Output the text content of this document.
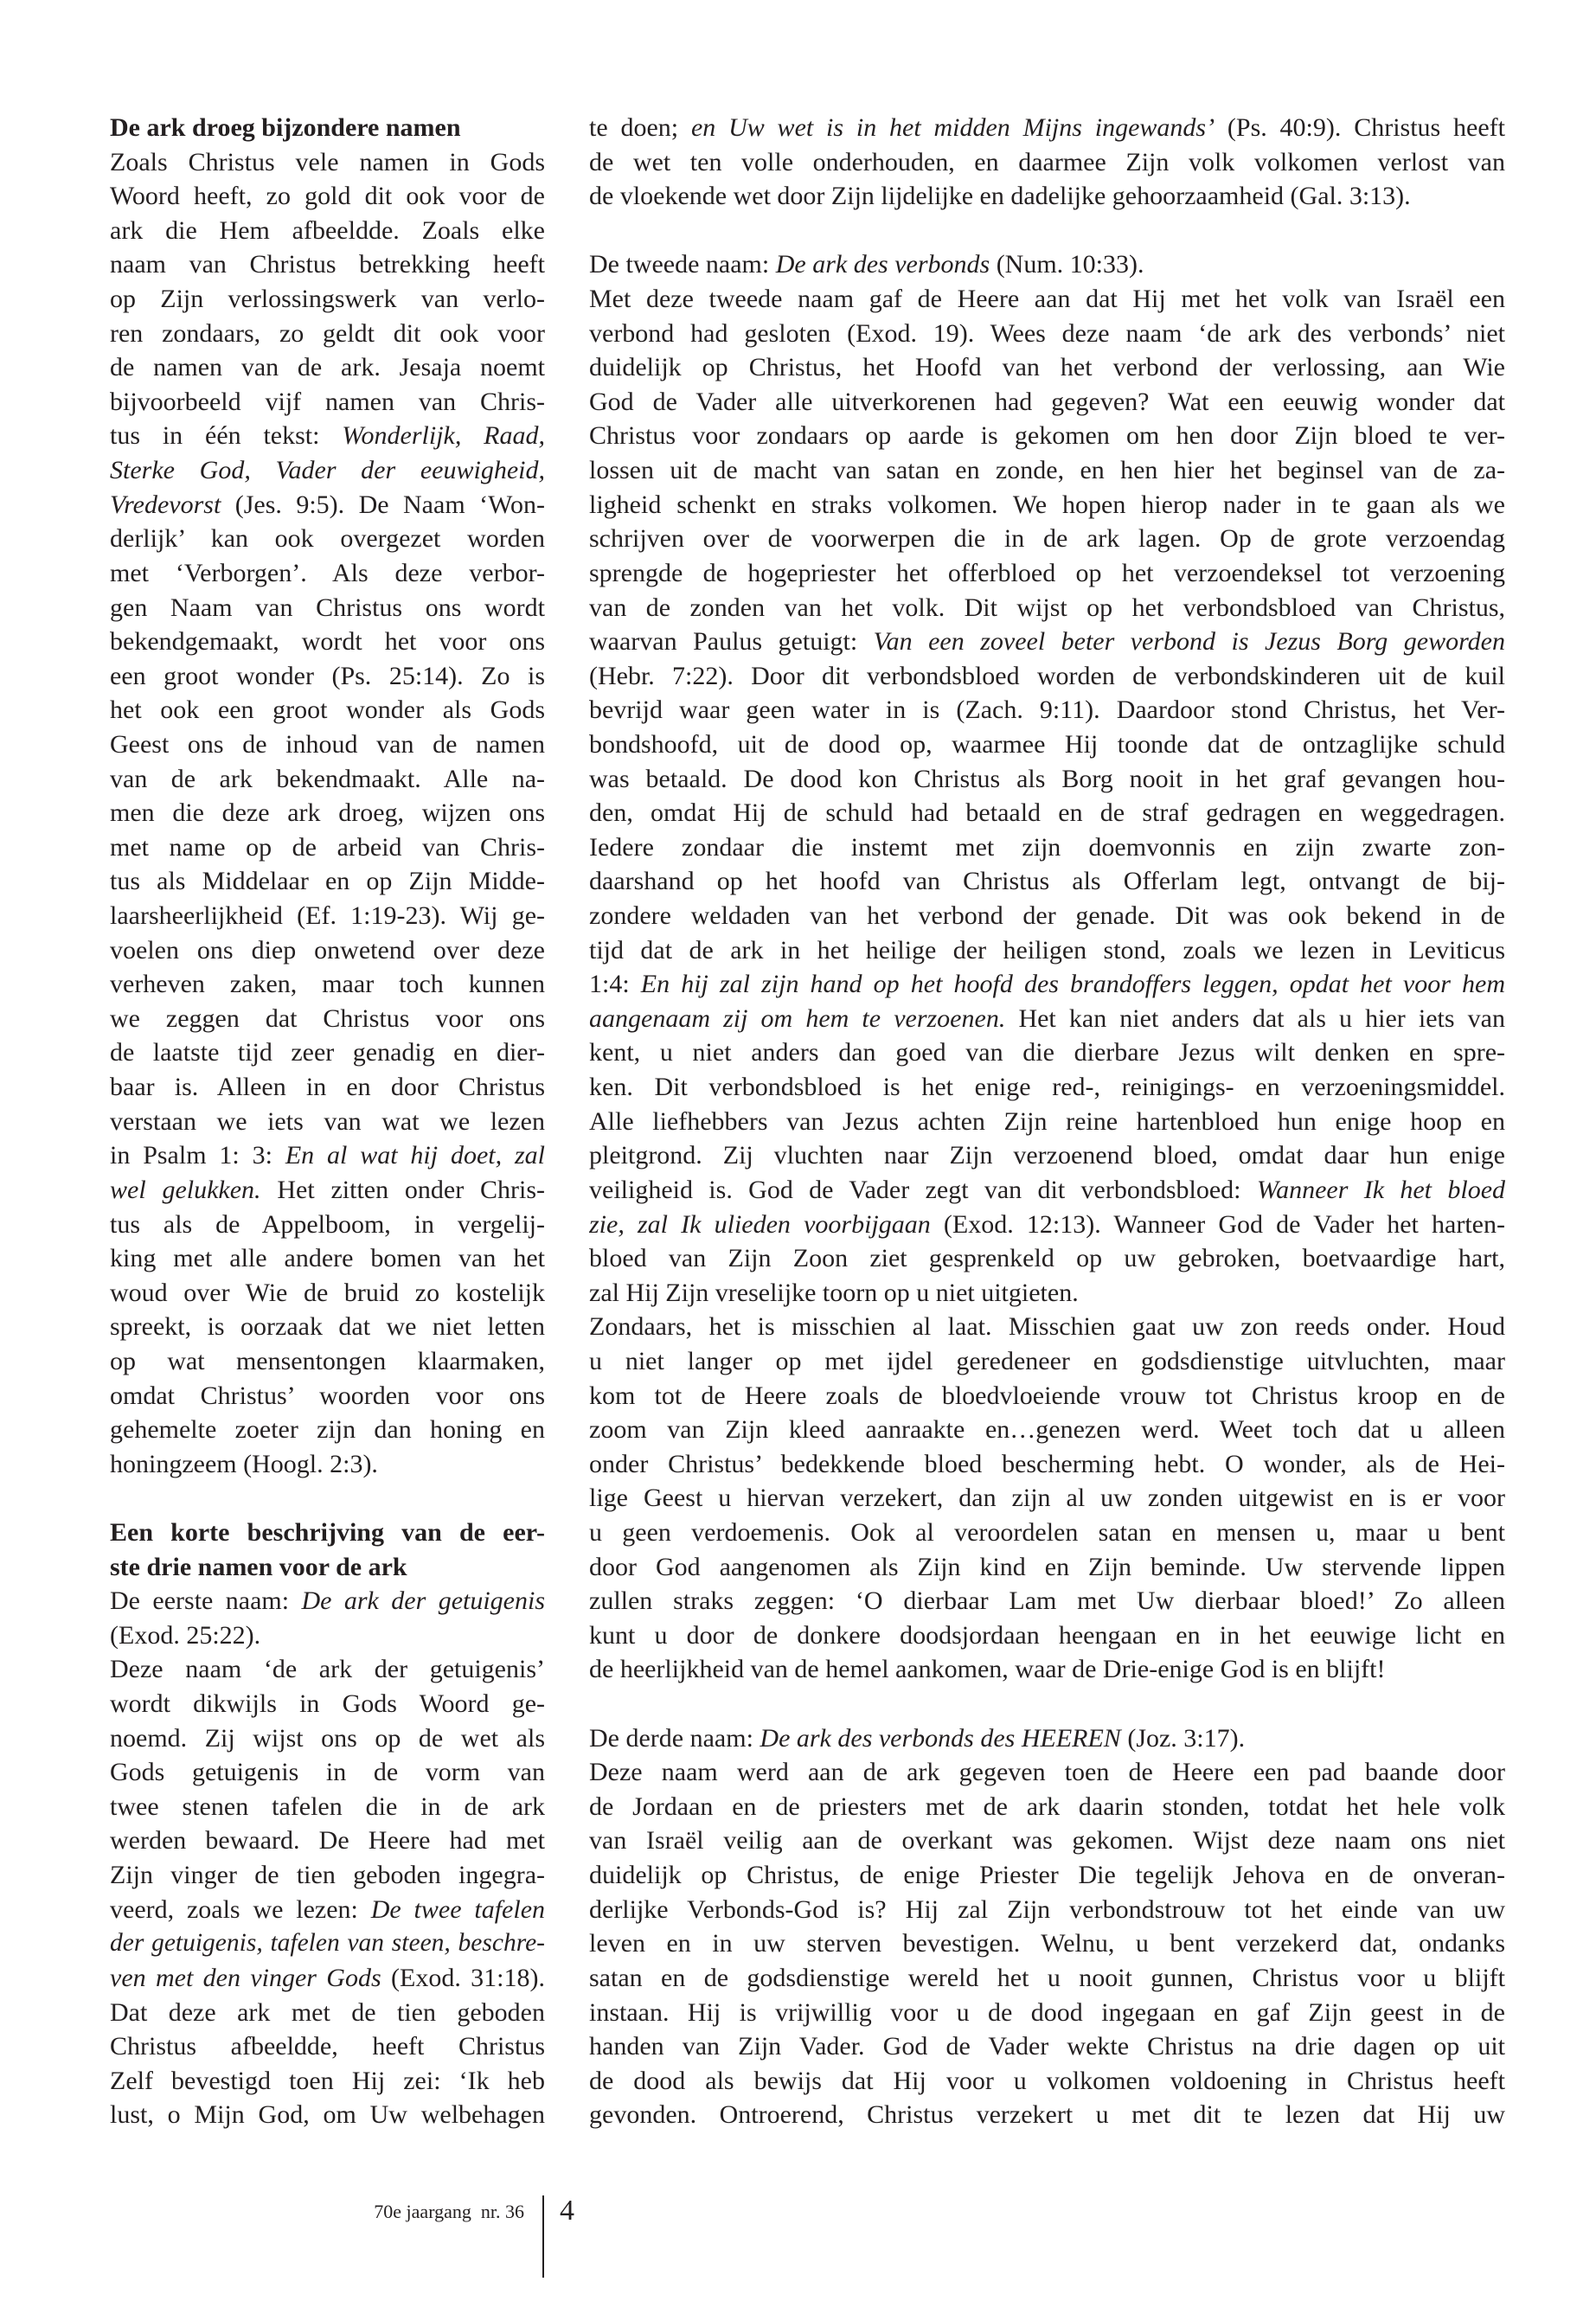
De ark droeg bijzondere namen
Zoals Christus vele namen in Gods
Woord heeft, zo gold dit ook voor de
ark die Hem afbeeldde. Zoals elke
naam van Christus betrekking heeft
op Zijn verlossingswerk van verlo-
ren zondaars, zo geldt dit ook voor
de namen van de ark. Jesaja noemt
bijvoorbeeld vijf namen van Chris-
tus in één tekst: Wonderlijk, Raad,
Sterke God, Vader der eeuwigheid,
Vredevorst (Jes. 9:5). De Naam ‘Won-
derlijk’ kan ook overgezet worden
met ‘Verborgen’. Als deze verbor-
gen Naam van Christus ons wordt
bekendgemaakt, wordt het voor ons
een groot wonder (Ps. 25:14). Zo is
het ook een groot wonder als Gods
Geest ons de inhoud van de namen
van de ark bekendmaakt. Alle na-
men die deze ark droeg, wijzen ons
met name op de arbeid van Chris-
tus als Middelaar en op Zijn Midde-
laarsheerlijkheid (Ef. 1:19-23). Wij ge-
voelen ons diep onwetend over deze
verheven zaken, maar toch kunnen
we zeggen dat Christus voor ons
de laatste tijd zeer genadig en dier-
baar is. Alleen in en door Christus
verstaan we iets van wat we lezen
in Psalm 1: 3: En al wat hij doet, zal
wel gelukken. Het zitten onder Chris-
tus als de Appelboom, in vergelij-
king met alle andere bomen van het
woud over Wie de bruid zo kostelijk
spreekt, is oorzaak dat we niet letten
op wat mensentongen klaarmaken,
omdat Christus’ woorden voor ons
gehemelte zoeter zijn dan honing en
honingzeem (Hoogl. 2:3).
Een korte beschrijving van de eer-
ste drie namen voor de ark
De eerste naam: De ark der getuigenis
(Exod. 25:22).
Deze naam ‘de ark der getuigenis’
wordt dikwijls in Gods Woord ge-
noemd. Zij wijst ons op de wet als
Gods getuigenis in de vorm van
twee stenen tafelen die in de ark
werden bewaard. De Heere had met
Zijn vinger de tien geboden ingegra-
veerd, zoals we lezen: De twee tafelen
der getuigenis, tafelen van steen, beschre-
ven met den vinger Gods (Exod. 31:18).
Dat deze ark met de tien geboden
Christus afbeeldde, heeft Christus
Zelf bevestigd toen Hij zei: ‘Ik heb
lust, o Mijn God, om Uw welbehagen
te doen; en Uw wet is in het midden Mijns ingewands’ (Ps. 40:9). Christus heeft
de wet ten volle onderhouden, en daarmee Zijn volk volkomen verlost van
de vloekende wet door Zijn lijdelijke en dadelijke gehoorzaamheid (Gal. 3:13).
De tweede naam: De ark des verbonds (Num. 10:33).
Met deze tweede naam gaf de Heere aan dat Hij met het volk van Israël een
verbond had gesloten (Exod. 19). Wees deze naam ‘de ark des verbonds’ niet
duidelijk op Christus, het Hoofd van het verbond der verlossing, aan Wie
God de Vader alle uitverkorenen had gegeven? Wat een eeuwig wonder dat
Christus voor zondaars op aarde is gekomen om hen door Zijn bloed te ver-
lossen uit de macht van satan en zonde, en hen hier het beginsel van de za-
ligheid schenkt en straks volkomen. We hopen hierop nader in te gaan als we
schrijven over de voorwerpen die in de ark lagen. Op de grote verzoendag
sprengde de hogepriester het offerbloed op het verzoendeksel tot verzoening
van de zonden van het volk. Dit wijst op het verbondsbloed van Christus,
waarvan Paulus getuigt: Van een zoveel beter verbond is Jezus Borg geworden
(Hebr. 7:22). Door dit verbondsbloed worden de verbondskinderen uit de kuil
bevrijd waar geen water in is (Zach. 9:11). Daardoor stond Christus, het Ver-
bondshoofd, uit de dood op, waarmee Hij toonde dat de ontzaglijke schuld
was betaald. De dood kon Christus als Borg nooit in het graf gevangen hou-
den, omdat Hij de schuld had betaald en de straf gedragen en weggedragen.
Iedere zondaar die instemt met zijn doemvonnis en zijn zwarte zon-
daarshand op het hoofd van Christus als Offerlam legt, ontvangt de bij-
zondere weldaden van het verbond der genade. Dit was ook bekend in de
tijd dat de ark in het heilige der heiligen stond, zoals we lezen in Leviticus
1:4: En hij zal zijn hand op het hoofd des brandoffers leggen, opdat het voor hem
aangenaam zij om hem te verzoenen. Het kan niet anders dat als u hier iets van
kent, u niet anders dan goed van die dierbare Jezus wilt denken en spre-
ken. Dit verbondsbloed is het enige red-, reinigings- en verzoeningsmiddel.
Alle liefhebbers van Jezus achten Zijn reine hartenbloed hun enige hoop en
pleitgrond. Zij vluchten naar Zijn verzoenend bloed, omdat daar hun enige
veiligheid is. God de Vader zegt van dit verbondsbloed: Wanneer Ik het bloed
zie, zal Ik ulieden voorbijgaan (Exod. 12:13). Wanneer God de Vader het harten-
bloed van Zijn Zoon ziet gesprenkeld op uw gebroken, boetvaardige hart,
zal Hij Zijn vreselijke toorn op u niet uitgieten.
Zondaars, het is misschien al laat. Misschien gaat uw zon reeds onder. Houd
u niet langer op met ijdel geredeneer en godsdienstige uitvluchten, maar
kom tot de Heere zoals de bloedvloeiende vrouw tot Christus kroop en de
zoom van Zijn kleed aanraakte en…genezen werd. Weet toch dat u alleen
onder Christus’ bedekkende bloed bescherming hebt. O wonder, als de Hei-
lige Geest u hiervan verzekert, dan zijn al uw zonden uitgewist en is er voor
u geen verdoemenis. Ook al veroordelen satan en mensen u, maar u bent
door God aangenomen als Zijn kind en Zijn beminde. Uw stervende lippen
zullen straks zeggen: ‘O dierbaar Lam met Uw dierbaar bloed!’ Zo alleen
kunt u door de donkere doodsjordaan heengaan en in het eeuwige licht en
de heerlijkheid van de hemel aankomen, waar de Drie-enige God is en blijft!
De derde naam: De ark des verbonds des HEEREN (Joz. 3:17).
Deze naam werd aan de ark gegeven toen de Heere een pad baande door
de Jordaan en de priesters met de ark daarin stonden, totdat het hele volk
van Israël veilig aan de overkant was gekomen. Wijst deze naam ons niet
duidelijk op Christus, de enige Priester Die tegelijk Jehova en de onveran-
derlijke Verbonds-God is? Hij zal Zijn verbondstrouw tot het einde van uw
leven en in uw sterven bevestigen. Welnu, u bent verzekerd dat, ondanks
satan en de godsdienstige wereld het u nooit gunnen, Christus voor u blijft
instaan. Hij is vrijwillig voor u de dood ingegaan en gaf Zijn geest in de
handen van Zijn Vader. God de Vader wekte Christus na drie dagen op uit
de dood als bewijs dat Hij voor u volkomen voldoening in Christus heeft
gevonden. Ontroerend, Christus verzekert u met dit te lezen dat Hij uw
70e jaargang  nr. 36 4
